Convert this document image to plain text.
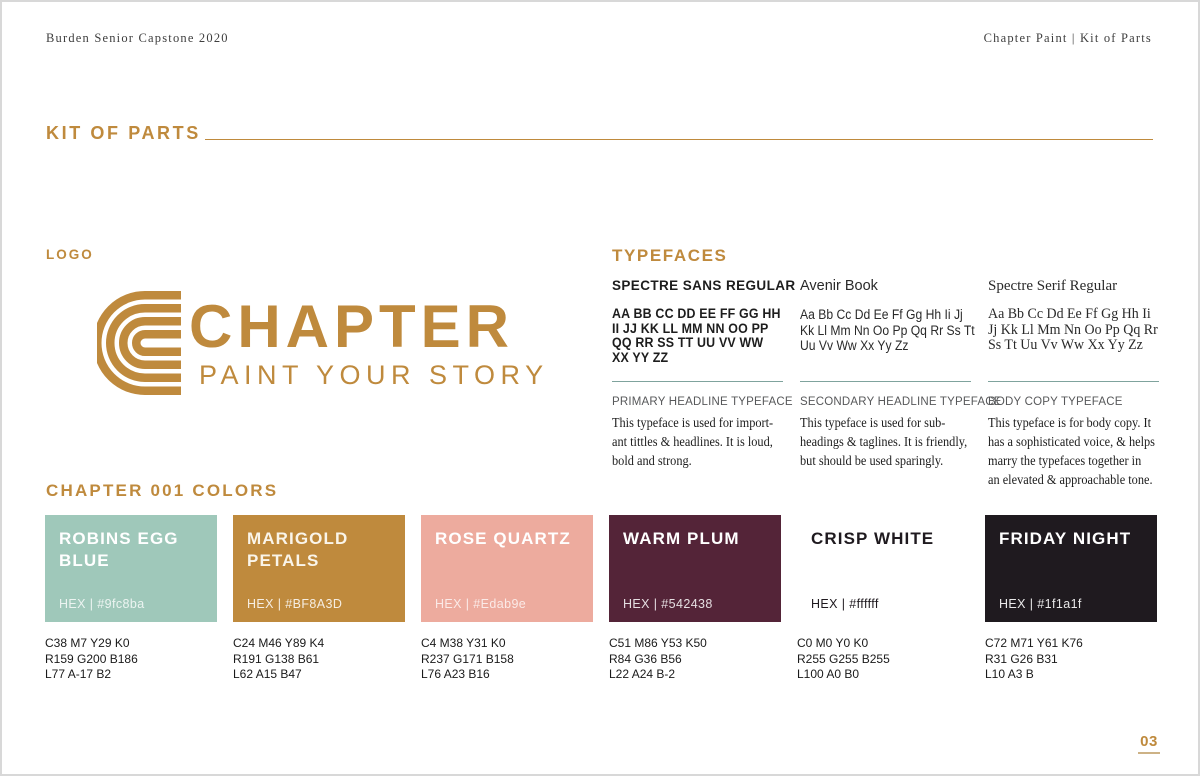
Burden Senior Capstone 2020	Chapter Paint | Kit of Parts
KIT OF PARTS
LOGO
CHAPTER
PAINT YOUR STORY
TYPEFACES
SPECTRE SANS REGULAR
AA BB CC DD EE FF GG HH
II JJ KK LL MM NN OO PP
QQ RR SS TT UU VV WW
XX YY ZZ
PRIMARY HEADLINE TYPEFACE
This typeface is used for import-
ant tittles & headlines. It is loud,
bold and strong.
Avenir Book
Aa Bb Cc Dd Ee Ff Gg Hh Ii Jj
Kk Ll Mm Nn Oo Pp Qq Rr Ss Tt
Uu Vv Ww Xx Yy Zz
SECONDARY HEADLINE TYPEFACE
This typeface is used for sub-
headings & taglines. It is friendly,
but should be used sparingly.
Spectre Serif Regular
Aa Bb Cc Dd Ee Ff Gg Hh Ii
Jj Kk Ll Mm Nn Oo Pp Qq Rr
Ss Tt Uu Vv Ww Xx Yy Zz
BODY COPY TYPEFACE
This typeface is for body copy. It
has a sophisticated voice, & helps
marry the typefaces together in
an elevated & approachable tone.
CHAPTER 001 COLORS
ROBINS EGG
BLUE
HEX | #9fc8ba
C38 M7 Y29 K0
R159 G200 B186
L77 A-17 B2
MARIGOLD
PETALS
HEX | #BF8A3D
C24 M46 Y89 K4
R191 G138 B61
L62 A15 B47
ROSE QUARTZ
HEX | #Edab9e
C4 M38 Y31 K0
R237 G171 B158
L76 A23 B16
WARM PLUM
HEX | #542438
C51 M86 Y53 K50
R84 G36 B56
L22 A24 B-2
CRISP WHITE
HEX | #ffffff
C0 M0 Y0 K0
R255 G255 B255
L100 A0 B0
FRIDAY NIGHT
HEX | #1f1a1f
C72 M71 Y61 K76
R31 G26 B31
L10 A3 B
03
